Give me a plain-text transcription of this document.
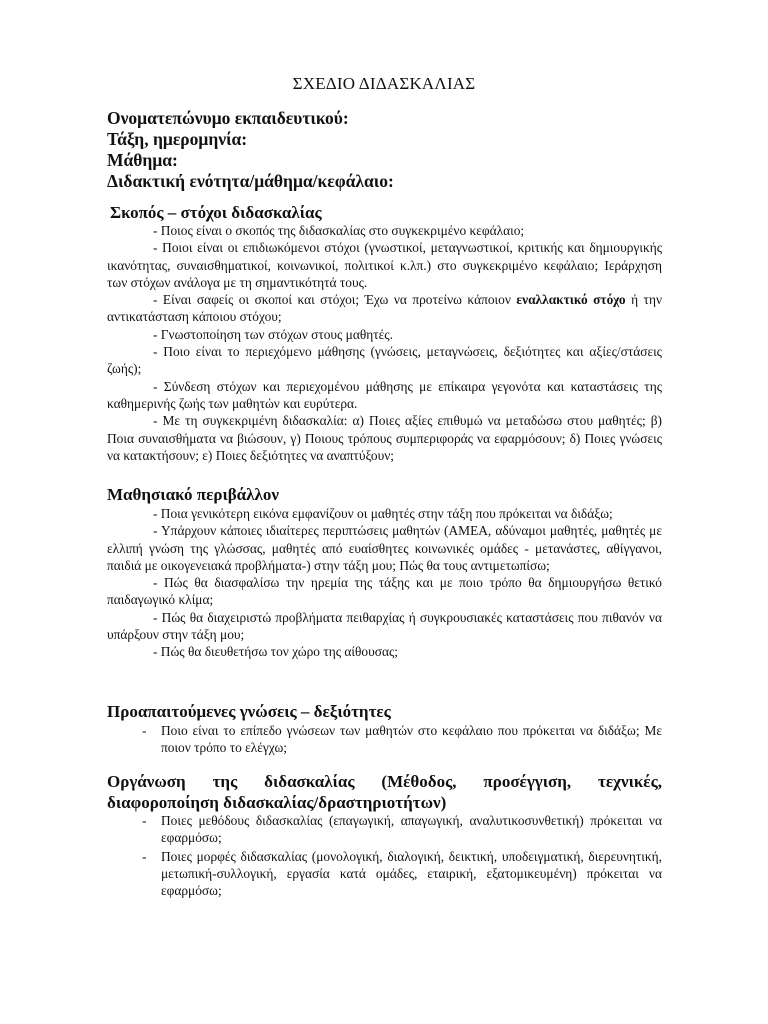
ΣΧΕΔΙΟ ΔΙΔΑΣΚΑΛΙΑΣ
Ονοματεπώνυμο εκπαιδευτικού:
Τάξη, ημερομηνία:
Μάθημα:
Διδακτική ενότητα/μάθημα/κεφάλαιο:
Σκοπός – στόχοι διδασκαλίας

- Ποιος είναι ο σκοπός της διδασκαλίας στο συγκεκριμένο κεφάλαιο;

- Ποιοι είναι οι επιδιωκόμενοι στόχοι (γνωστικοί, μεταγνωστικοί, κριτικής και δημιουργικής ικανότητας, συναισθηματικοί, κοινωνικοί, πολιτικοί κ.λπ.) στο συγκεκριμένο κεφάλαιο; Ιεράρχηση των στόχων ανάλογα με τη σημαντικότητά τους.

- Είναι σαφείς οι σκοποί και στόχοι; Έχω να προτείνω κάποιον εναλλακτικό στόχο ή την αντικατάσταση κάποιου στόχου;

- Γνωστοποίηση των στόχων στους μαθητές.

- Ποιο είναι το περιεχόμενο μάθησης (γνώσεις, μεταγνώσεις, δεξιότητες και αξίες/στάσεις ζωής);

- Σύνδεση στόχων και περιεχομένου μάθησης με επίκαιρα γεγονότα και καταστάσεις της καθημερινής ζωής των μαθητών και ευρύτερα.

- Με τη συγκεκριμένη διδασκαλία: α) Ποιες αξίες επιθυμώ να μεταδώσω στου μαθητές; β) Ποια συναισθήματα να βιώσουν, γ) Ποιους τρόπους συμπεριφοράς να εφαρμόσουν; δ) Ποιες γνώσεις να κατακτήσουν; ε) Ποιες δεξιότητες να αναπτύξουν;

Μαθησιακό περιβάλλον

- Ποια γενικότερη εικόνα εμφανίζουν οι μαθητές στην τάξη που πρόκειται να διδάξω;

- Υπάρχουν κάποιες ιδιαίτερες περιπτώσεις μαθητών (ΑΜΕΑ, αδύναμοι μαθητές, μαθητές με ελλιπή γνώση της γλώσσας, μαθητές από ευαίσθητες κοινωνικές ομάδες - μετανάστες, αθίγγανοι, παιδιά με οικογενειακά προβλήματα-) στην τάξη μου; Πώς θα τους αντιμετωπίσω;

- Πώς θα διασφαλίσω την ηρεμία της τάξης και με ποιο τρόπο θα δημιουργήσω θετικό παιδαγωγικό κλίμα;

- Πώς θα διαχειριστώ προβλήματα πειθαρχίας ή συγκρουσιακές καταστάσεις που πιθανόν να υπάρξουν στην τάξη μου;

- Πώς θα διευθετήσω τον χώρο της αίθουσας;

Προαπαιτούμενες γνώσεις – δεξιότητες
- Ποιο είναι το επίπεδο γνώσεων των μαθητών στο κεφάλαιο που πρόκειται να διδάξω; Με ποιον τρόπο το ελέγχω;
Οργάνωση της διδασκαλίας (Μέθοδος, προσέγγιση, τεχνικές,
διαφοροποίηση διδασκαλίας/δραστηριοτήτων)
- Ποιες μεθόδους διδασκαλίας (επαγωγική, απαγωγική, αναλυτικοσυνθετική) πρόκειται να εφαρμόσω;
- Ποιες μορφές διδασκαλίας (μονολογική, διαλογική, δεικτική, υποδειγματική, διερευνητική, μετωπική-συλλογική, εργασία κατά ομάδες, εταιρική, εξατομικευμένη) πρόκειται να εφαρμόσω;
